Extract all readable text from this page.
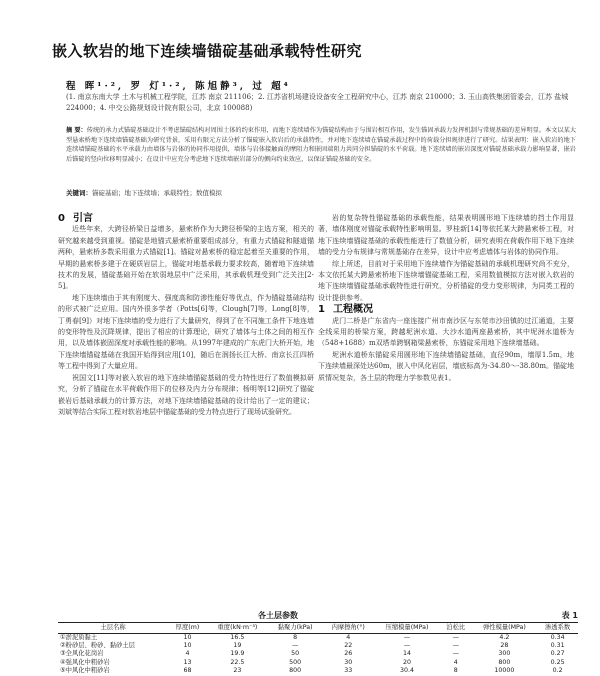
嵌入软岩的地下连续墙锚碇基础承载特性研究
程 晖¹·², 罗 灯¹·², 陈旭静³, 过 超⁴
(1. 南京东南大学 土木与机械工程学院，江苏 南京 211106；2. 江苏省机场建设设备安全工程研究中心，江苏 南京 210000；3. 玉山高铁集团管委会，江苏 盐城 224000；4. 中交公路规划设计院有限公司，北京 100088)
摘 要：传统的承力式锚碇基础设计不考虑锚碇结构对周围土体的约束作用，而地下连续墙作为锚碇结构由于与围岩相互作用，发生锚固承载力发挥机制与常规基础的差异明显。本文以某大型悬索桥地下连续墙锚碇基础为研究背景，采用有限元方法分析了锚碇嵌入软岩后的承载特性，并对地下连续墙在锚碇承载过程中的荷载分担规律进行了研究。结果表明：嵌入软岩的地下连续墙锚碇基础的水平承载力由墙体与岩体的协同作用提供，墙体与岩体接触面的摩阻力和嵌固端阻力共同分担锚碇的水平荷载。地下连续墙的嵌岩深度对锚碇基础承载力影响显著，嵌岩后锚碇的竖向位移明显减小；在设计中应充分考虑地下连续墙嵌岩部分的侧向约束效应，以保证锚碇基础的安全。
关键词：锚碇基础；地下连续墙；承载特性；数值模拟

0 引言

近些年来，大跨径桥梁日益增多，悬索桥作为大跨径桥梁的主选方案，相关的研究越来越受到重视。锚碇是地锚式悬索桥重要组成部分，有重力式锚碇和隧道锚两种，悬索桥多数采用重力式锚碇[1]。锚碇对悬索桥的稳定起着至关重要的作用，早期的悬索桥多建于在硬质岩层上，锚碇对地基承载力要求较高，随着地下连续墙技术的发展，锚碇基础开始在软弱地层中广泛采用，其承载机理受到广泛关注[2-5]。

地下连续墙由于其有刚度大、强度高和防渗性能好等优点，作为锚碇基础结构的形式被广泛应用。国内外很多学者（Potts[6]等，Clough[7]等，Long[8]等，丁勇春[9]）对地下连续墙的受力进行了大量研究，得到了在不同施工条件下地连墙的变形特性及沉降规律，提出了相应的计算理论，研究了墙体与土体之间的相互作用，以及墙体嵌固深度对承载性能的影响。从1997年建成的广东虎门大桥开始，地下连续墙锚碇基础在我国开始得到应用[10]，随后在润扬长江大桥、南京长江四桥等工程中得到了大量应用。

祝国文[11]等对嵌入软岩的地下连续墙锚碇基础的受力特性进行了数值模拟研究，分析了锚碇在水平荷载作用下的位移及内力分布规律；杨明等[12]研究了锚碇嵌岩后基础承载力的计算方法，对地下连续墙锚碇基础的设计给出了一定的建议；刘斌等结合实际工程对软岩地层中锚碇基础的受力特点进行了现场试验研究。

岩的复杂特性锚碇基础的承载性能，结果表明圆形地下连续墙的挡土作用显著，墙体刚度对锚碇承载特性影响明显。罗桂新[14]等依托某大跨悬索桥工程，对地下连续墙锚碇基础的承载性能进行了数值分析，研究表明在荷载作用下地下连续墙的受力分布规律与常规基础存在差异，设计中应考虑墙体与岩体的协同作用。

综上所述，目前对于采用地下连续墙作为锚碇基础的承载机理研究尚不充分，本文依托某大跨悬索桥地下连续墙锚碇基础工程，采用数值模拟方法对嵌入软岩的地下连续墙锚碇基础承载特性进行研究，分析锚碇的受力变形规律，为同类工程的设计提供参考。

1 工程概况

虎门二桥是广东省内一座连接广州市南沙区与东莞市沙田镇的过江通道，主要全线采用的桥梁方案，跨越坭洲水道、大沙水道两座悬索桥，其中坭洲水道桥为（548+1688）m双塔单跨钢箱梁悬索桥，东锚碇采用地下连续墙基础。

坭洲水道桥东锚碇采用圆形地下连续墙锚碇基础，直径90m，墙厚1.5m，地下连续墙最深处达60m，嵌入中风化岩层，墙底标高为-34.80～-38.80m。锚碇地质情况复杂，各土层的物理力学参数见表1。

各土层参数	表 1
土层名称	厚度(m)	重度(kN·m⁻³)	黏聚力(kPa)	内摩擦角(°)	压缩模量(MPa)	泊松比	弹性模量(MPa)	渗透系数
①淤泥质黏土	10	16.5	8	4	—	—	4.2	0.34
②粉砂层、粉砂、黏砂土层	10	19	—	22	—	—	28	0.31
③全风化花岗岩	4	19.9	50	26	14	—	300	0.27
④强风化中粗砂岩	13	22.5	500	30	20	4	800	0.25
⑤中风化中粗砂岩	68	23	800	33	30.4	8	10000	0.2
